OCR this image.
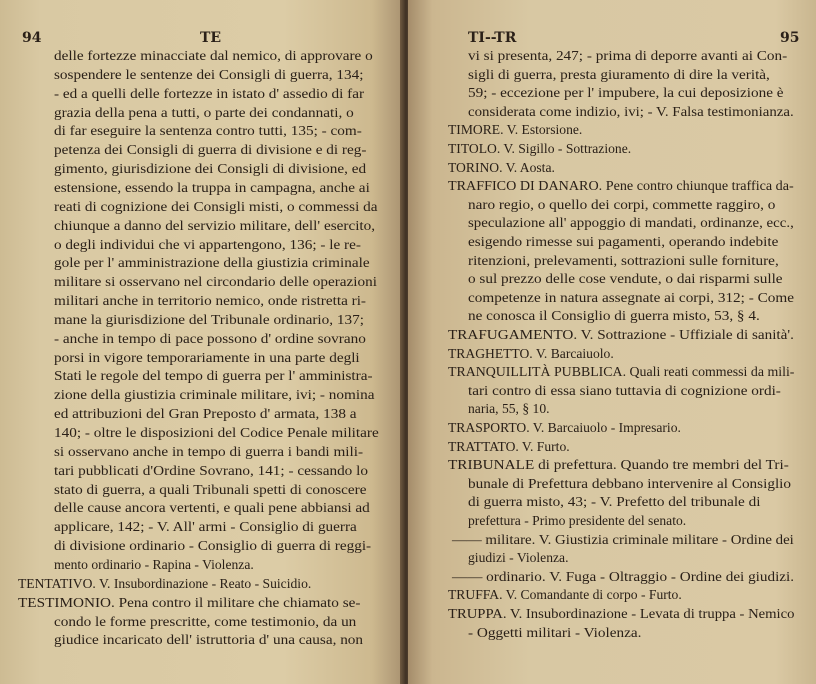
94	TE
delle fortezze minacciate dal nemico, di approvare o
sospendere le sentenze dei Consigli di guerra, 134;
- ed a quelli delle fortezze in istato d' assedio di far
grazia della pena a tutti, o parte dei condannati, o
di far eseguire la sentenza contro tutti, 135; - com-
petenza dei Consigli di guerra di divisione e di reg-
gimento, giurisdizione dei Consigli di divisione, ed
estensione, essendo la truppa in campagna, anche ai
reati di cognizione dei Consigli misti, o commessi da
chiunque a danno del servizio militare, dell' esercito,
o degli individui che vi appartengono, 136; - le re-
gole per l' amministrazione della giustizia criminale
militare si osservano nel circondario delle operazioni
militari anche in territorio nemico, onde ristretta ri-
mane la giurisdizione del Tribunale ordinario, 137;
- anche in tempo di pace possono d' ordine sovrano
porsi in vigore temporariamente in una parte degli
Stati le regole del tempo di guerra per l' amministra-
zione della giustizia criminale militare, ivi; - nomina
ed attribuzioni del Gran Preposto d' armata, 138 a
140; - oltre le disposizioni del Codice Penale militare
si osservano anche in tempo di guerra i bandi mili-
tari pubblicati d'Ordine Sovrano, 141; - cessando lo
stato di guerra, a quali Tribunali spetti di conoscere
delle cause ancora vertenti, e quali pene abbiansi ad
applicare, 142; - V. All' armi - Consiglio di guerra
di divisione ordinario - Consiglio di guerra di reggi-
mento ordinario - Rapina - Violenza.
TENTATIVO. V. Insubordinazione - Reato - Suicidio.
TESTIMONIO. Pena contro il militare che chiamato se-
condo le forme prescritte, come testimonio, da un
giudice incaricato dell' istruttoria d' una causa, non
TI--TR	95
vi si presenta, 247; - prima di deporre avanti ai Con-
sigli di guerra, presta giuramento di dire la verità,
59; - eccezione per l' impubere, la cui deposizione è
considerata come indizio, ivi; - V. Falsa testimonianza.
TIMORE. V. Estorsione.
TITOLO. V. Sigillo - Sottrazione.
TORINO. V. Aosta.
TRAFFICO DI DANARO. Pene contro chiunque traffica da-
naro regio, o quello dei corpi, commette raggiro, o
speculazione all' appoggio di mandati, ordinanze, ecc.,
esigendo rimesse sui pagamenti, operando indebite
ritenzioni, prelevamenti, sottrazioni sulle forniture,
o sul prezzo delle cose vendute, o dai risparmi sulle
competenze in natura assegnate ai corpi, 312; - Come
ne conosca il Consiglio di guerra misto, 53, § 4.
TRAFUGAMENTO. V. Sottrazione - Uffiziale di sanità'.
TRAGHETTO. V. Barcaiuolo.
TRANQUILLITÀ PUBBLICA. Quali reati commessi da mili-
tari contro di essa siano tuttavia di cognizione ordi-
naria, 55, § 10.
TRASPORTO. V. Barcaiuolo - Impresario.
TRATTATO. V. Furto.
TRIBUNALE di prefettura. Quando tre membri del Tri-
bunale di Prefettura debbano intervenire al Consiglio
di guerra misto, 43; - V. Prefetto del tribunale di
prefettura - Primo presidente del senato.
—— militare. V. Giustizia criminale militare - Ordine dei
giudizi - Violenza.
—— ordinario. V. Fuga - Oltraggio - Ordine dei giudizi.
TRUFFA. V. Comandante di corpo - Furto.
TRUPPA. V. Insubordinazione - Levata di truppa - Nemico
- Oggetti militari - Violenza.
